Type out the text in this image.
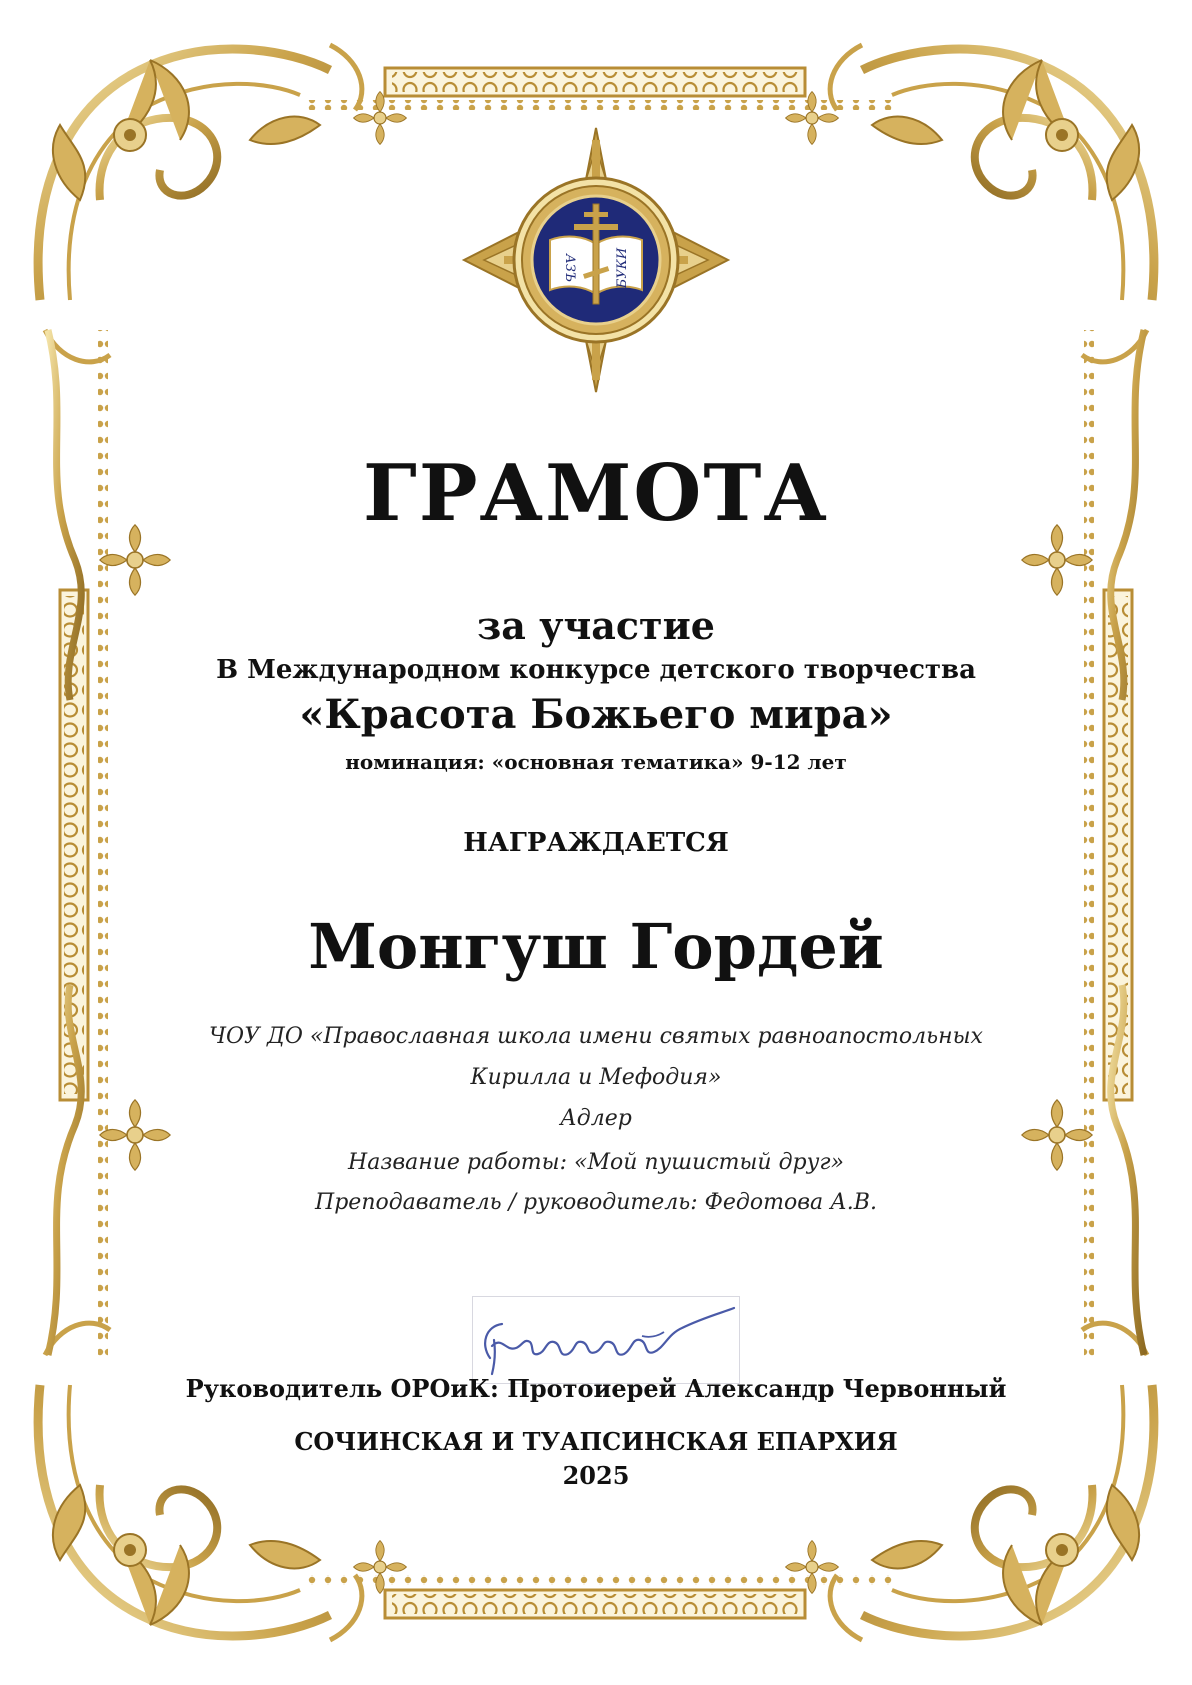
АЗЪ	БУКИ
ГРАМОТА
за участие
В Международном конкурсе детского творчества
«Красота Божьего мира»
номинация: «основная тематика» 9-12 лет
НАГРАЖДАЕТСЯ
Монгуш Гордей
ЧОУ ДО «Православная школа имени святых равноапостольных
Кирилла и Мефодия»
Адлер
Название работы: «Мой пушистый друг»
Преподаватель / руководитель: Федотова А.В.
Руководитель ОРОиК: Протоиерей Александр Червонный
СОЧИНСКАЯ И ТУАПСИНСКАЯ ЕПАРХИЯ
2025
